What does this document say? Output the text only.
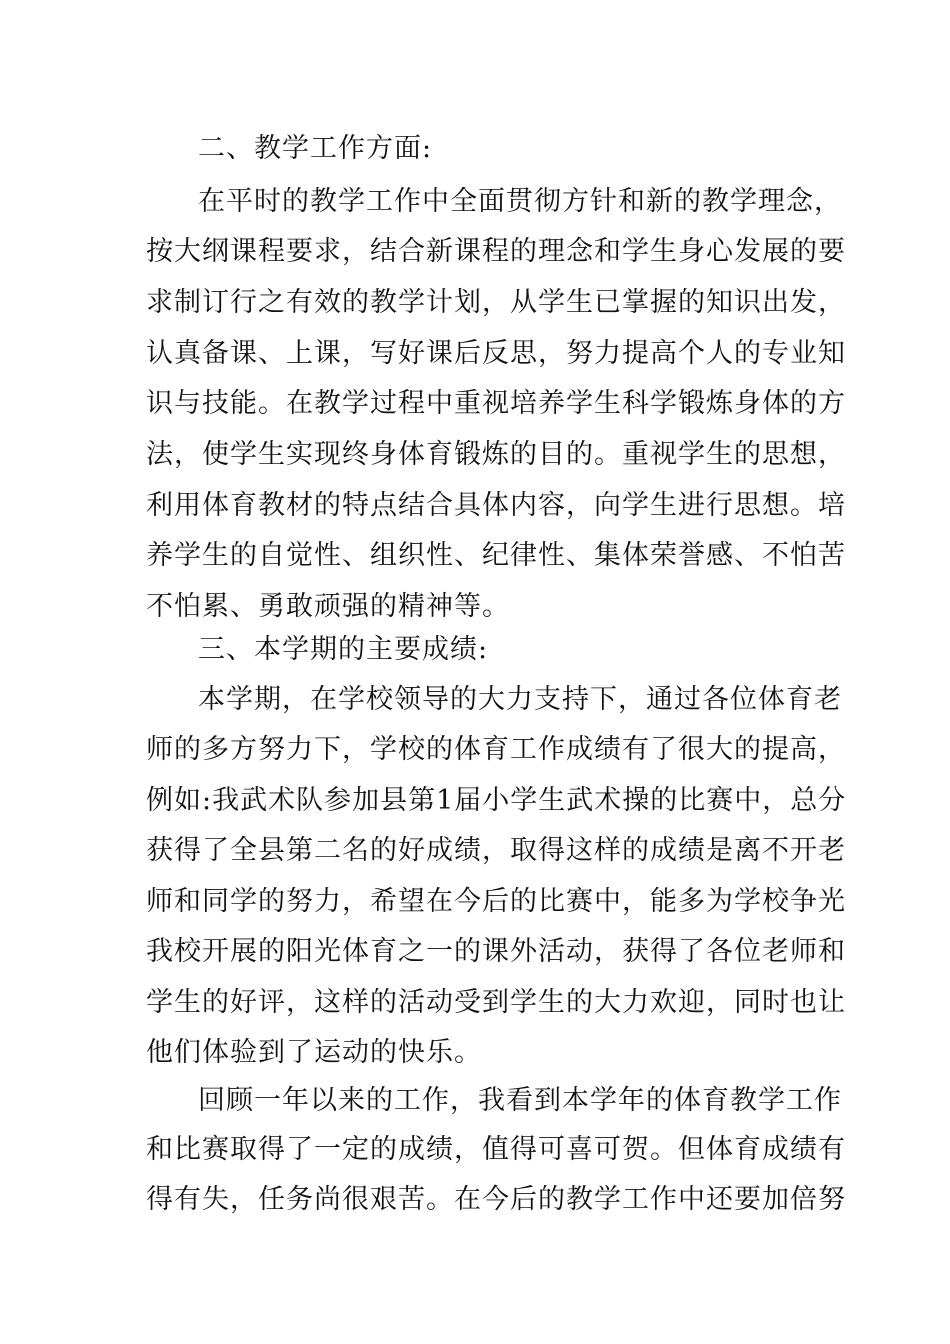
二、教学工作方面:
在平时的教学工作中全面贯彻方针和新的教学理念，
按大纲课程要求，结合新课程的理念和学生身心发展的要
求制订行之有效的教学计划，从学生已掌握的知识出发，
认真备课、上课，写好课后反思，努力提高个人的专业知
识与技能。在教学过程中重视培养学生科学锻炼身体的方
法，使学生实现终身体育锻炼的目的。重视学生的思想，
利用体育教材的特点结合具体内容，向学生进行思想。培
养学生的自觉性、组织性、纪律性、集体荣誉感、不怕苦
不怕累、勇敢顽强的精神等。
三、本学期的主要成绩:
本学期，在学校领导的大力支持下，通过各位体育老
师的多方努力下，学校的体育工作成绩有了很大的提高，
例如:我武术队参加县第1届小学生武术操的比赛中，总分
获得了全县第二名的好成绩，取得这样的成绩是离不开老
师和同学的努力，希望在今后的比赛中，能多为学校争光
我校开展的阳光体育之一的课外活动，获得了各位老师和
学生的好评，这样的活动受到学生的大力欢迎，同时也让
他们体验到了运动的快乐。
回顾一年以来的工作，我看到本学年的体育教学工作
和比赛取得了一定的成绩，值得可喜可贺。但体育成绩有
得有失，任务尚很艰苦。在今后的教学工作中还要加倍努
